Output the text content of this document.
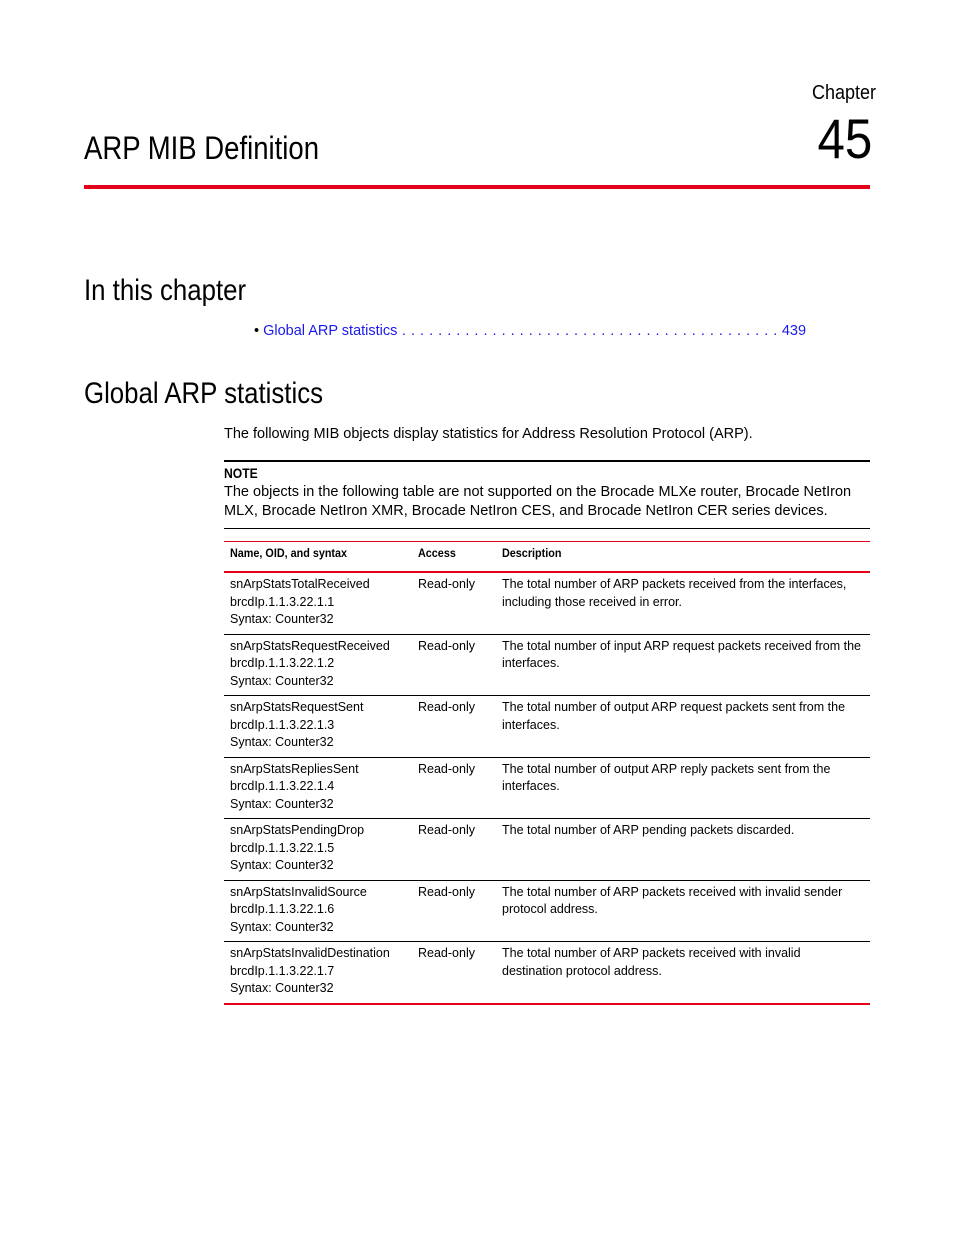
Chapter
45
ARP MIB Definition
In this chapter
• Global ARP statistics . . . . . . . . . . . . . . . . . . . . . . . . . . . . . . . . . . . . . . . . . . 439
Global ARP statistics
The following MIB objects display statistics for Address Resolution Protocol (ARP).
NOTE
The objects in the following table are not supported on the Brocade MLXe router, Brocade NetIron MLX, Brocade NetIron XMR, Brocade NetIron CES, and Brocade NetIron CER series devices.
Name, OID, and syntax	Access	Description

snArpStatsTotalReceived
brcdIp.1.1.3.22.1.1
Syntax: Counter32	Read-only	The total number of ARP packets received from the interfaces, including those received in error.

snArpStatsRequestReceived
brcdIp.1.1.3.22.1.2
Syntax: Counter32	Read-only	The total number of input ARP request packets received from the interfaces.

snArpStatsRequestSent
brcdIp.1.1.3.22.1.3
Syntax: Counter32	Read-only	The total number of output ARP request packets sent from the interfaces.

snArpStatsRepliesSent
brcdIp.1.1.3.22.1.4
Syntax: Counter32	Read-only	The total number of output ARP reply packets sent from the interfaces.

snArpStatsPendingDrop
brcdIp.1.1.3.22.1.5
Syntax: Counter32	Read-only	The total number of ARP pending packets discarded.

snArpStatsInvalidSource
brcdIp.1.1.3.22.1.6
Syntax: Counter32	Read-only	The total number of ARP packets received with invalid sender protocol address.

snArpStatsInvalidDestination
brcdIp.1.1.3.22.1.7
Syntax: Counter32	Read-only	The total number of ARP packets received with invalid destination protocol address.
